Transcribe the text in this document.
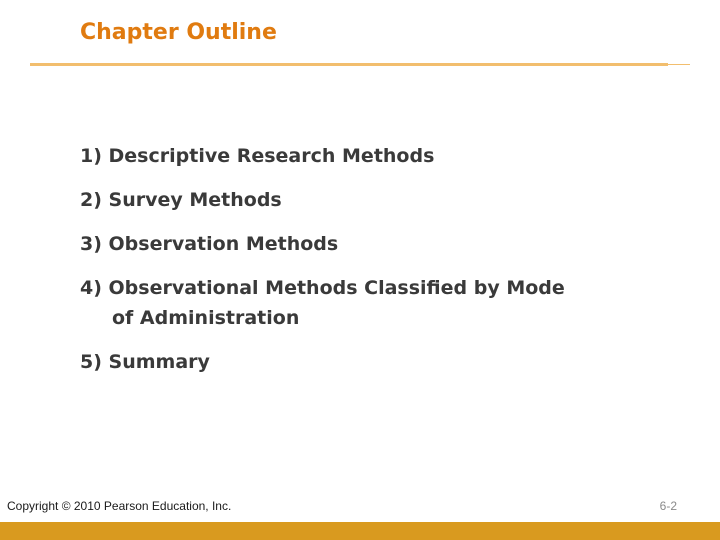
Chapter Outline
1) Descriptive Research Methods
2) Survey Methods
3) Observation Methods
4) Observational Methods Classified by Mode
of Administration
5) Summary
Copyright © 2010 Pearson Education, Inc.	6-2
